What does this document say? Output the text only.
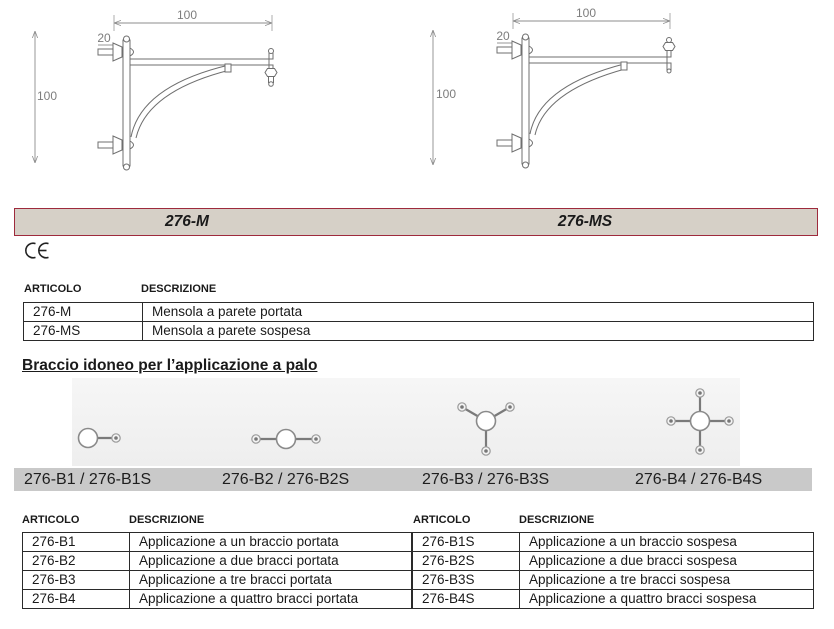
100
100
20
100
100
20
276-M	276-MS
ARTICOLO	DESCRIZIONE
276-M	Mensola a parete portata
276-MS	Mensola a parete sospesa
Braccio idoneo per l’applicazione a palo
276-B1 / 276-B1S	276-B2 / 276-B2S	276-B3 / 276-B3S	276-B4 / 276-B4S
ARTICOLO	DESCRIZIONE	ARTICOLO	DESCRIZIONE
276-B1	Applicazione a un braccio portata
276-B2	Applicazione a due bracci portata
276-B3	Applicazione a tre bracci portata
276-B4	Applicazione a quattro bracci portata
276-B1S	Applicazione a un braccio sospesa
276-B2S	Applicazione a due bracci sospesa
276-B3S	Applicazione a tre bracci sospesa
276-B4S	Applicazione a quattro bracci sospesa
